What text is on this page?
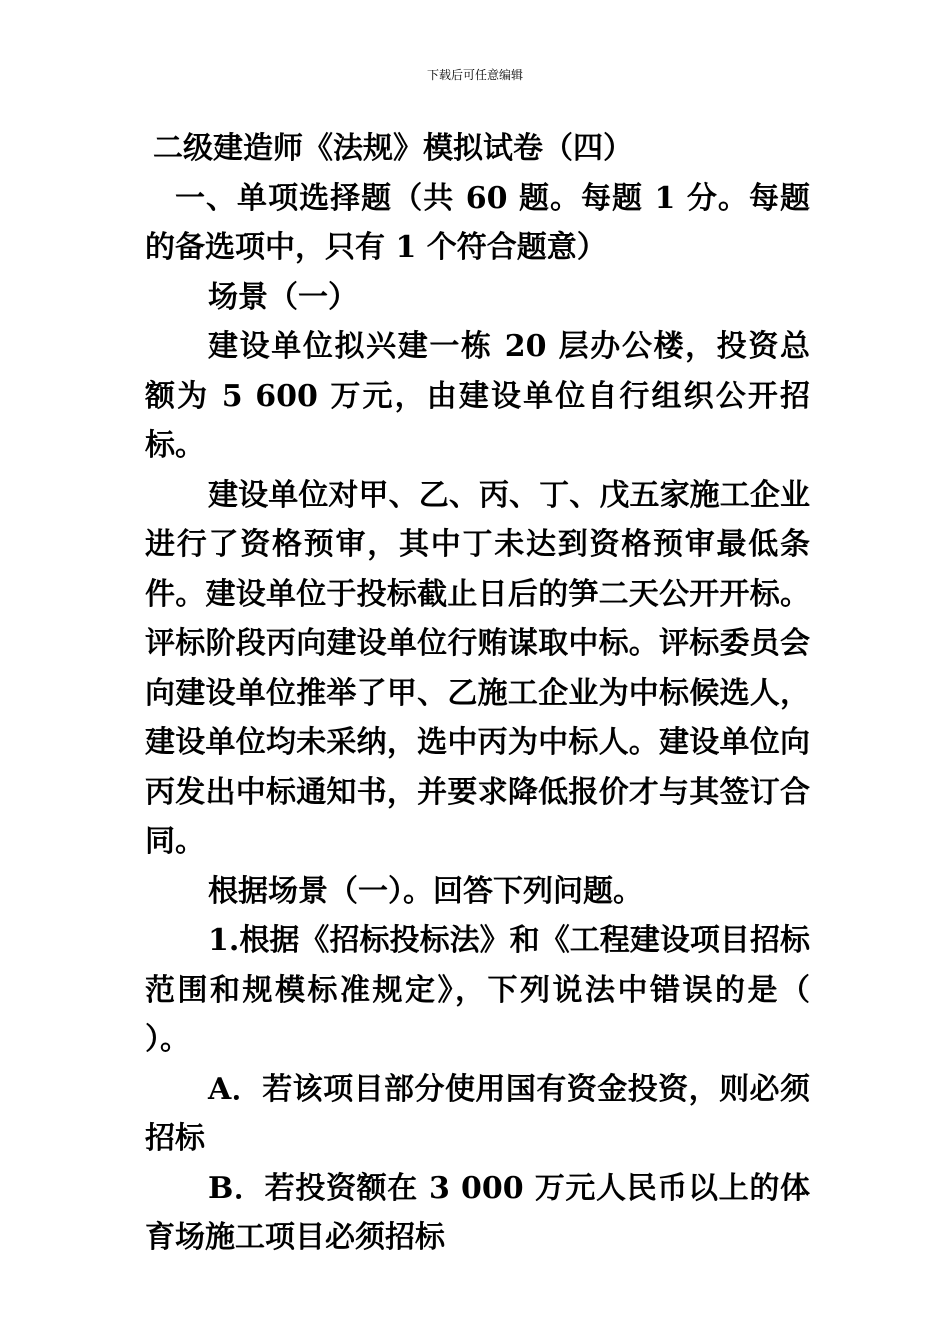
下载后可任意编辑

二级建造师《法规》模拟试卷（四）

一、单项选择题（共 60 题。每题 1 分。每题的备选项中，只有 1 个符合题意）

场景（一）

建设单位拟兴建一栋 20 层办公楼，投资总额为 5 600 万元，由建设单位自行组织公开招标。

建设单位对甲、乙、丙、丁、戊五家施工企业进行了资格预审，其中丁未达到资格预审最低条件。建设单位于投标截止日后的笋二天公开开标。评标阶段丙向建设单位行贿谋取中标。评标委员会向建设单位推举了甲、乙施工企业为中标候选人，建设单位均未采纳，选中丙为中标人。建设单位向丙发出中标通知书，并要求降低报价才与其签订合同。

根据场景（一）。回答下列问题。

1.根据《招标投标法》和《工程建设项目招标范围和规模标准规定》，下列说法中错误的是（ ）。

A．若该项目部分使用国有资金投资，则必须招标

B．若投资额在 3 000 万元人民币以上的体育场施工项目必须招标
